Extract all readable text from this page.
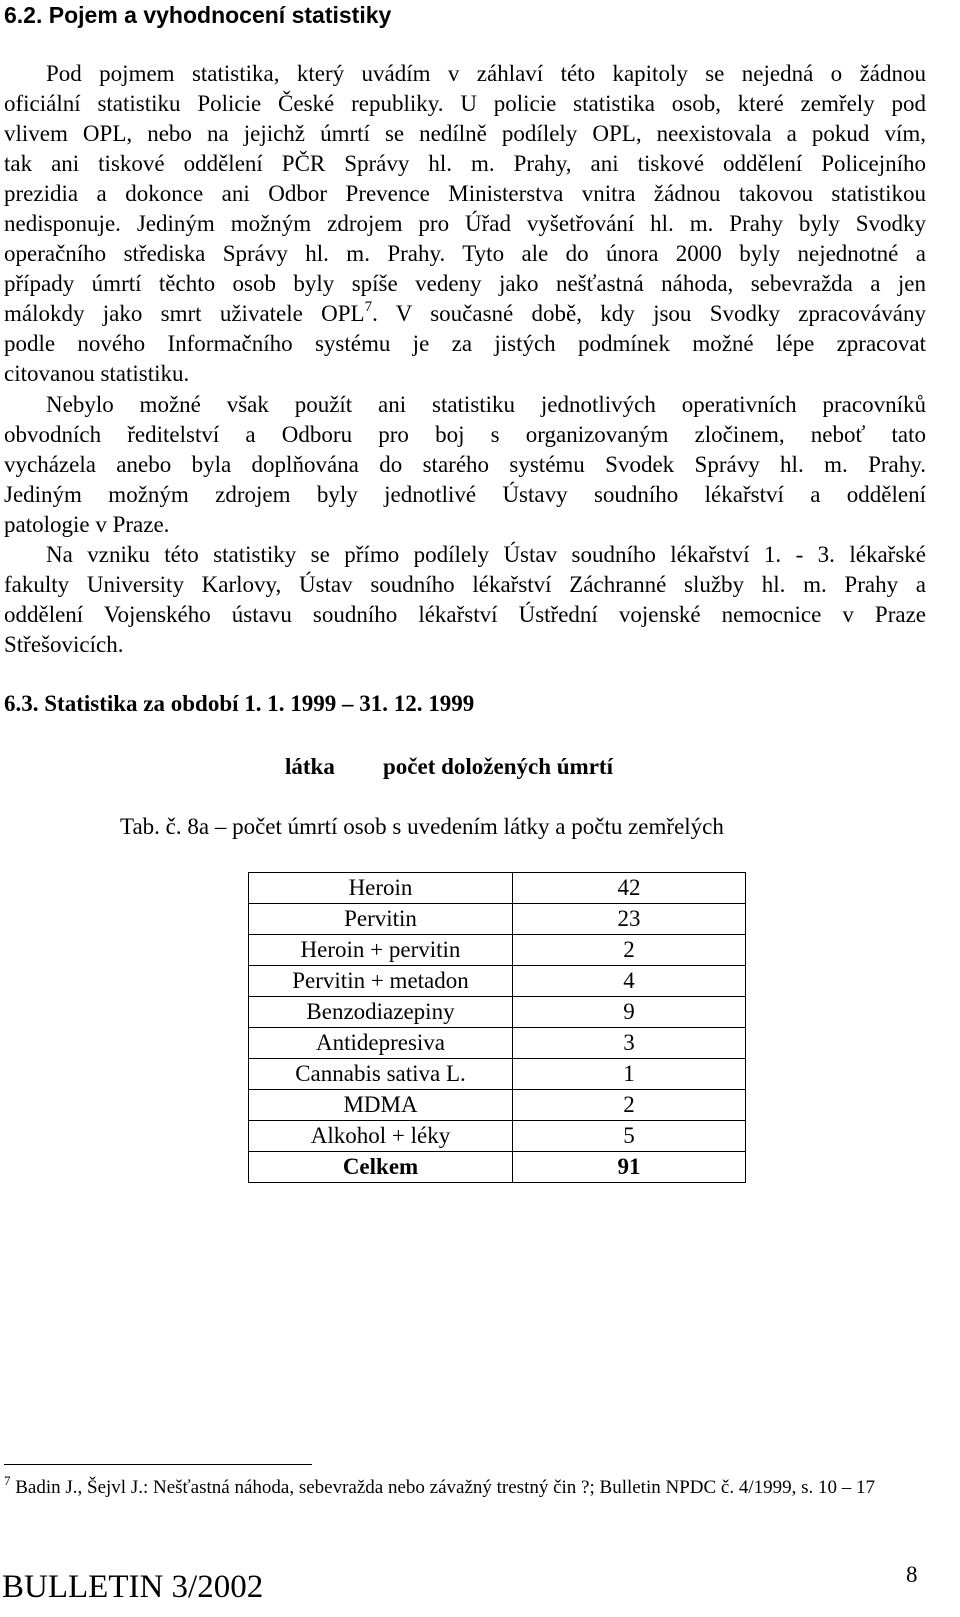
6.2. Pojem a vyhodnocení statistiky
Pod pojmem statistika, který uvádím v záhlaví této kapitoly se nejedná o žádnou
oficiální statistiku Policie České republiky. U policie statistika osob, které zemřely pod
vlivem OPL, nebo na jejichž úmrtí se nedílně podílely OPL, neexistovala a pokud vím,
tak ani tiskové oddělení PČR Správy hl. m. Prahy, ani tiskové oddělení Policejního
prezidia a dokonce ani Odbor Prevence Ministerstva vnitra žádnou takovou statistikou
nedisponuje. Jediným možným zdrojem pro Úřad vyšetřování hl. m. Prahy byly Svodky
operačního střediska Správy hl. m. Prahy. Tyto ale do února 2000 byly nejednotné a
případy úmrtí těchto osob byly spíše vedeny jako nešťastná náhoda, sebevražda a jen
málokdy jako smrt uživatele OPL$^7$. V současné době, kdy jsou Svodky zpracovávány
podle nového Informačního systému je za jistých podmínek možné lépe zpracovat
citovanou statistiku.
Nebylo možné však použít ani statistiku jednotlivých operativních pracovníků
obvodních ředitelství a Odboru pro boj s organizovaným zločinem, neboť tato
vycházela anebo byla doplňována do starého systému Svodek Správy hl. m. Prahy.
Jediným možným zdrojem byly jednotlivé Ústavy soudního lékařství a oddělení
patologie v Praze.
Na vzniku této statistiky se přímo podílely Ústav soudního lékařství 1. - 3. lékařské
fakulty University Karlovy, Ústav soudního lékařství Záchranné služby hl. m. Prahy a
oddělení Vojenského ústavu soudního lékařství Ústřední vojenské nemocnice v Praze
Střešovicích.
6.3. Statistika za období 1. 1. 1999 – 31. 12. 1999
látka počet doložených úmrtí
Tab. č. 8a – počet úmrtí osob s uvedením látky a počtu zemřelých
Heroin	42
Pervitin	23
Heroin + pervitin	2
Pervitin + metadon	4
Benzodiazepiny	9
Antidepresiva	3
Cannabis sativa L.	1
MDMA	2
Alkohol + léky	5
Celkem	91
$^7$ Badin J., Šejvl J.: Nešťastná náhoda, sebevražda nebo závažný trestný čin ?; Bulletin NPDC č. 4/1999, s. 10 – 17
BULLETIN 3/2002	8
